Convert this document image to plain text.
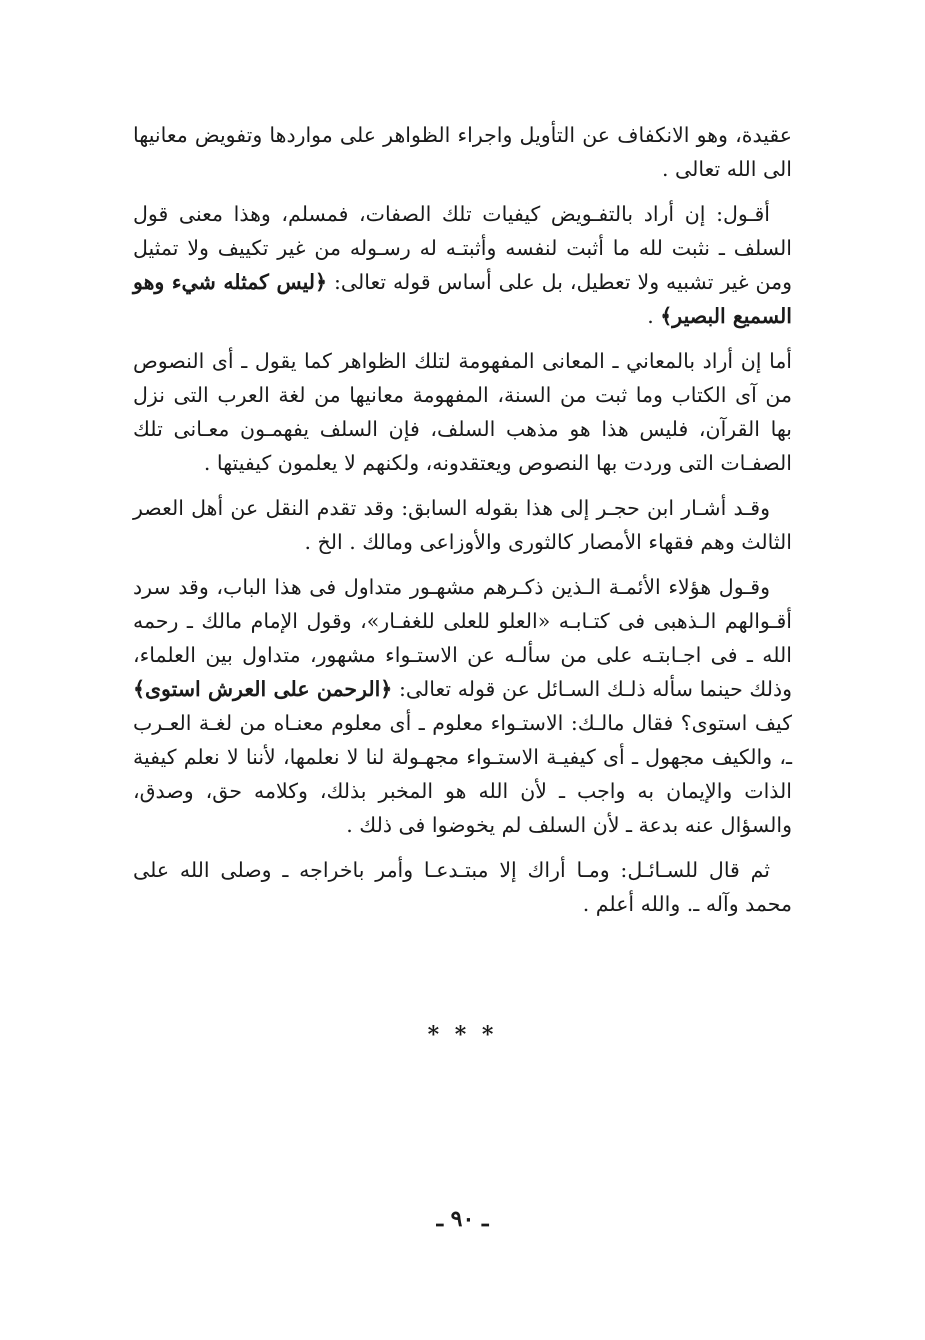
عقيدة، وهو الانكفاف عن التأويل واجراء الظواهر على مواردها وتفويض معانيها الى الله تعالى .

أقـول: إن أراد بالتفـويض كيفيات تلك الصفات، فمسلم، وهذا معنى قول السلف ـ نثبت لله ما أثبت لنفسه وأثبتـه له رسـوله من غير تكييف ولا تمثيل ومن غير تشبيه ولا تعطيل، بل على أساس قوله تعالى: ﴿ليس كمثله شيء وهو السميع البصير﴾ .

أما إن أراد بالمعاني ـ المعانى المفهومة لتلك الظواهر كما يقول ـ أى النصوص من آى الكتاب وما ثبت من السنة، المفهومة معانيها من لغة العرب التى نزل بها القرآن، فليس هذا هو مذهب السلف، فإن السلف يفهمـون معـانى تلك الصفـات التى وردت بها النصوص ويعتقدونه، ولكنهم لا يعلمون كيفيتها .

وقـد أشـار ابن حجـر إلى هذا بقوله السابق: وقد تقدم النقل عن أهل العصر الثالث وهم فقهاء الأمصار كالثورى والأوزاعى ومالك . الخ .

وقـول هؤلاء الأئمـة الـذين ذكـرهم مشهـور متداول فى هذا الباب، وقد سرد أقـوالهم الـذهبى فى كتـابـه «العلو للعلى للغفـار»، وقول الإمام مالك ـ رحمه الله ـ فى اجـابتـه على من سألـه عن الاستـواء مشهور، متداول بين العلماء، وذلك حينما سأله ذلـك السـائل عن قوله تعالى: ﴿الرحمن على العرش استوى﴾ كيف استوى؟ فقال مالـك: الاستـواء معلوم ـ أى معلوم معنـاه من لغـة العـرب ـ، والكيف مجهول ـ أى كيفيـة الاستـواء مجهـولة لنا لا نعلمها، لأننا لا نعلم كيفية الذات والإيمان به واجب ـ لأن الله هو المخبر بذلك، وكلامه حق، وصدق، والسؤال عنه بدعة ـ لأن السلف لم يخوضوا فى ذلك .

ثم قال للسـائـل: ومـا أراك إلا مبتـدعـا وأمر باخراجه ـ وصلى الله على محمد وآله ـ. والله أعلم .

* * *
ـ ٩٠ ـ
